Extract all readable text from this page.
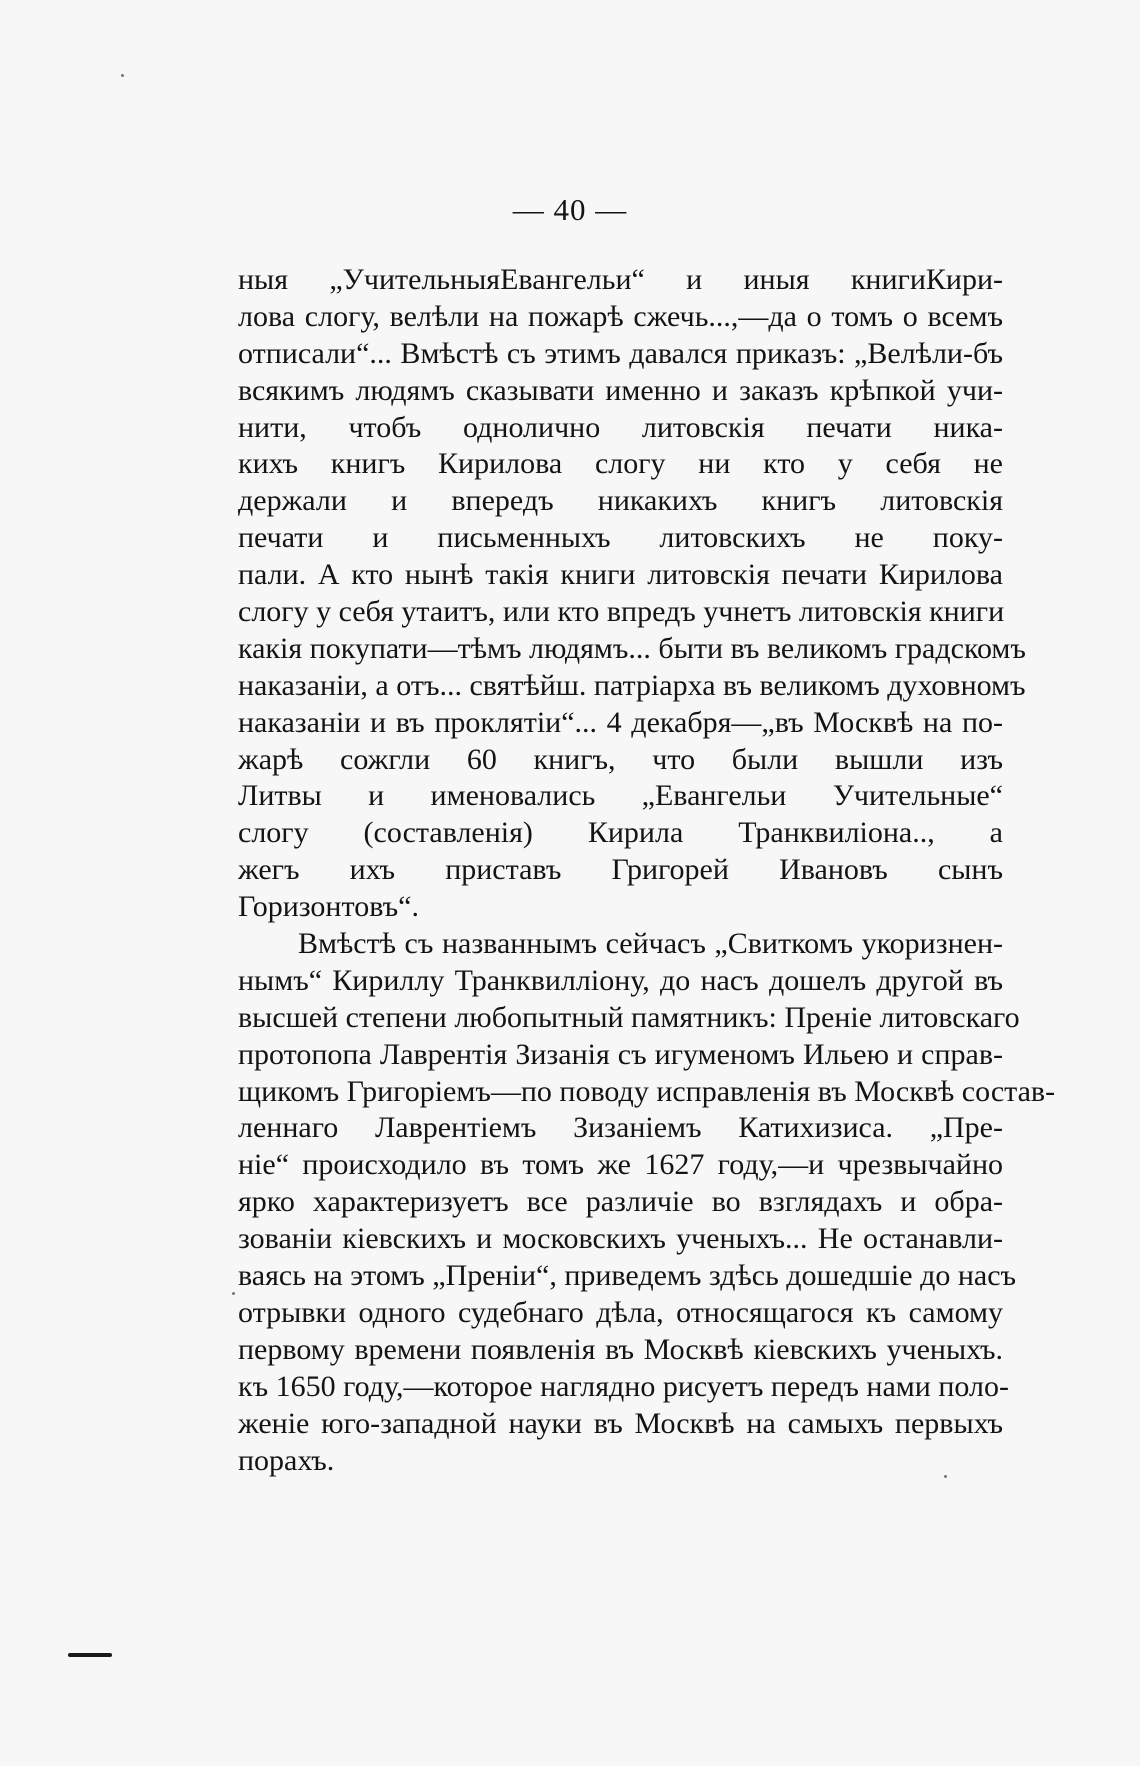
— 40 —
ныя „УчительныяЕвангельи“ и иныя книгиКири-
лова слогу, велѣли на пожарѣ сжечь...,—да о томъ о всемъ
отписали“... Вмѣстѣ съ этимъ давался приказъ: „Велѣли-бъ
всякимъ людямъ сказывати именно и заказъ крѣпкой учи-
нити, чтобъ однолично литовскія печати ника-
кихъ книгъ Кирилова слогу ни кто у себя не
держали и впередъ никакихъ книгъ литовскія
печати и письменныхъ литовскихъ не поку-
пали. А кто нынѣ такія книги литовскія печати Кирилова
слогу у себя утаитъ, или кто впредъ учнетъ литовскія книги
какія покупати—тѣмъ людямъ... быти въ великомъ градскомъ
наказаніи, а отъ... святѣйш. патріарха въ великомъ духовномъ
наказаніи и въ проклятіи“... 4 декабря—„въ Москвѣ на по-
жарѣ сожгли 60 книгъ, что были вышли изъ
Литвы и именовались „Евангельи Учительные“
слогу (составленія) Кирила Транквиліона.., а
жегъ ихъ приставъ Григорей Ивановъ сынъ
Горизонтовъ“.
Вмѣстѣ съ названнымъ сейчасъ „Свиткомъ укоризнен-
нымъ“ Кириллу Транквилліону, до насъ дошелъ другой въ
высшей степени любопытный памятникъ: Преніе литовскаго
протопопа Лаврентія Зизанія съ игуменомъ Ильею и справ-
щикомъ Григоріемъ—по поводу исправленія въ Москвѣ состав-
леннаго Лаврентіемъ Зизаніемъ Катихизиса. „Пре-
ніе“ происходило въ томъ же 1627 году,—и чрезвычайно
ярко характеризуетъ все различіе во взглядахъ и обра-
зованіи кіевскихъ и московскихъ ученыхъ... Не останавли-
ваясь на этомъ „Преніи“, приведемъ здѣсь дошедшіе до насъ
отрывки одного судебнаго дѣла, относящагося къ самому
первому времени появленія въ Москвѣ кіевскихъ ученыхъ.
къ 1650 году,—которое наглядно рисуетъ передъ нами поло-
женіе юго-западной науки въ Москвѣ на самыхъ первыхъ
порахъ.
